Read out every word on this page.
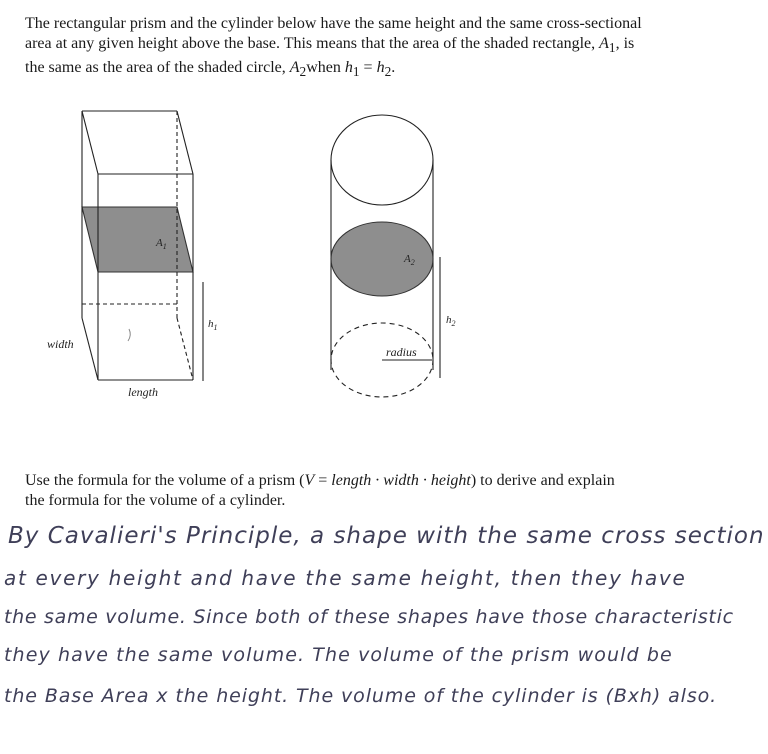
The rectangular prism and the cylinder below have the same height and the same cross-sectional
area at any given height above the base. This means that the area of the shaded rectangle, $A_1$, is
the same as the area of the shaded circle, $A_2when$ $h_1 = h_2$.
$A_1$
width
length
$h_1$
$A_2$
radius
$h_2$
Use the formula for the volume of a prism (V = length · width · height) to derive and explain
the formula for the volume of a cylinder.
By Cavalieri's Principle, a shape with the same cross section
at every height and have the same height, then they have
the same volume. Since both of these shapes have those characteristic
they have the same volume. The volume of the prism would be
the Base Area x the height. The volume of the cylinder is (Bxh) also.
